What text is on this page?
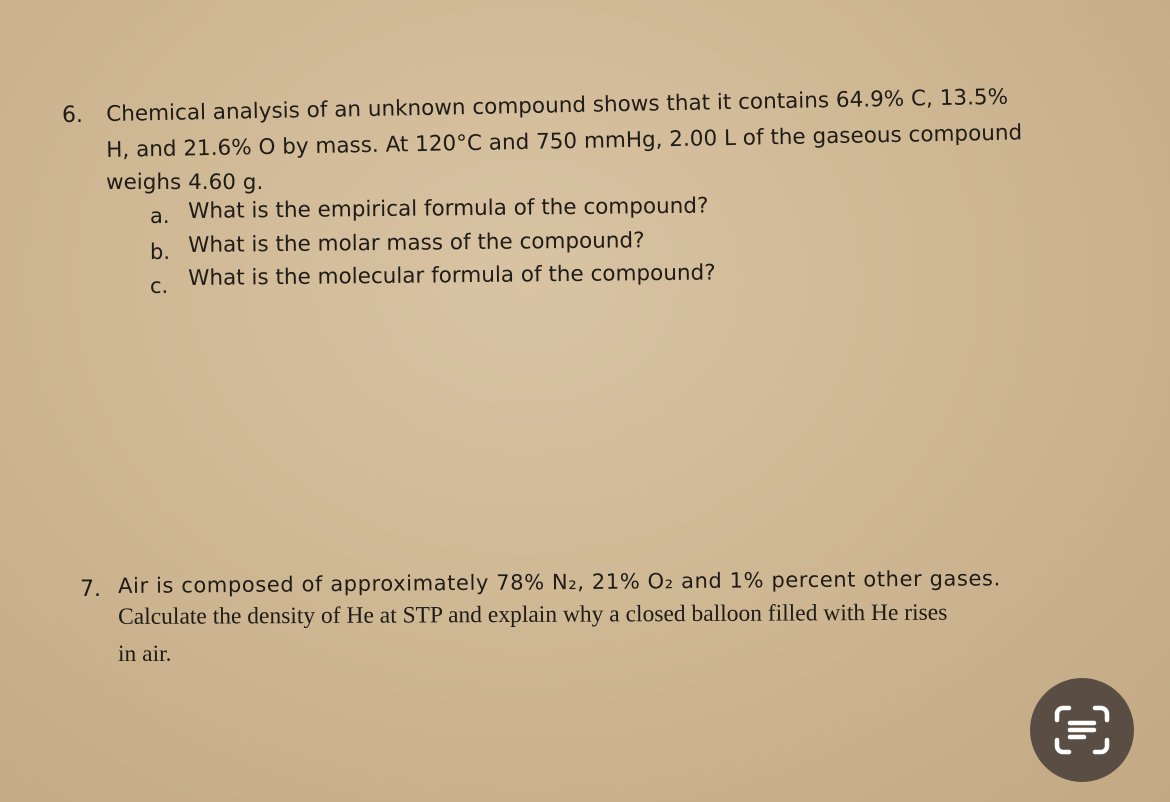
6. Chemical analysis of an unknown compound shows that it contains 64.9% C, 13.5%
H, and 21.6% O by mass. At 120°C and 750 mmHg, 2.00 L of the gaseous compound
weighs 4.60 g.
a. What is the empirical formula of the compound?
b. What is the molar mass of the compound?
c. What is the molecular formula of the compound?

7. Air is composed of approximately 78% N₂, 21% O₂ and 1% percent other gases.
Calculate the density of He at STP and explain why a closed balloon filled with He rises
in air.
